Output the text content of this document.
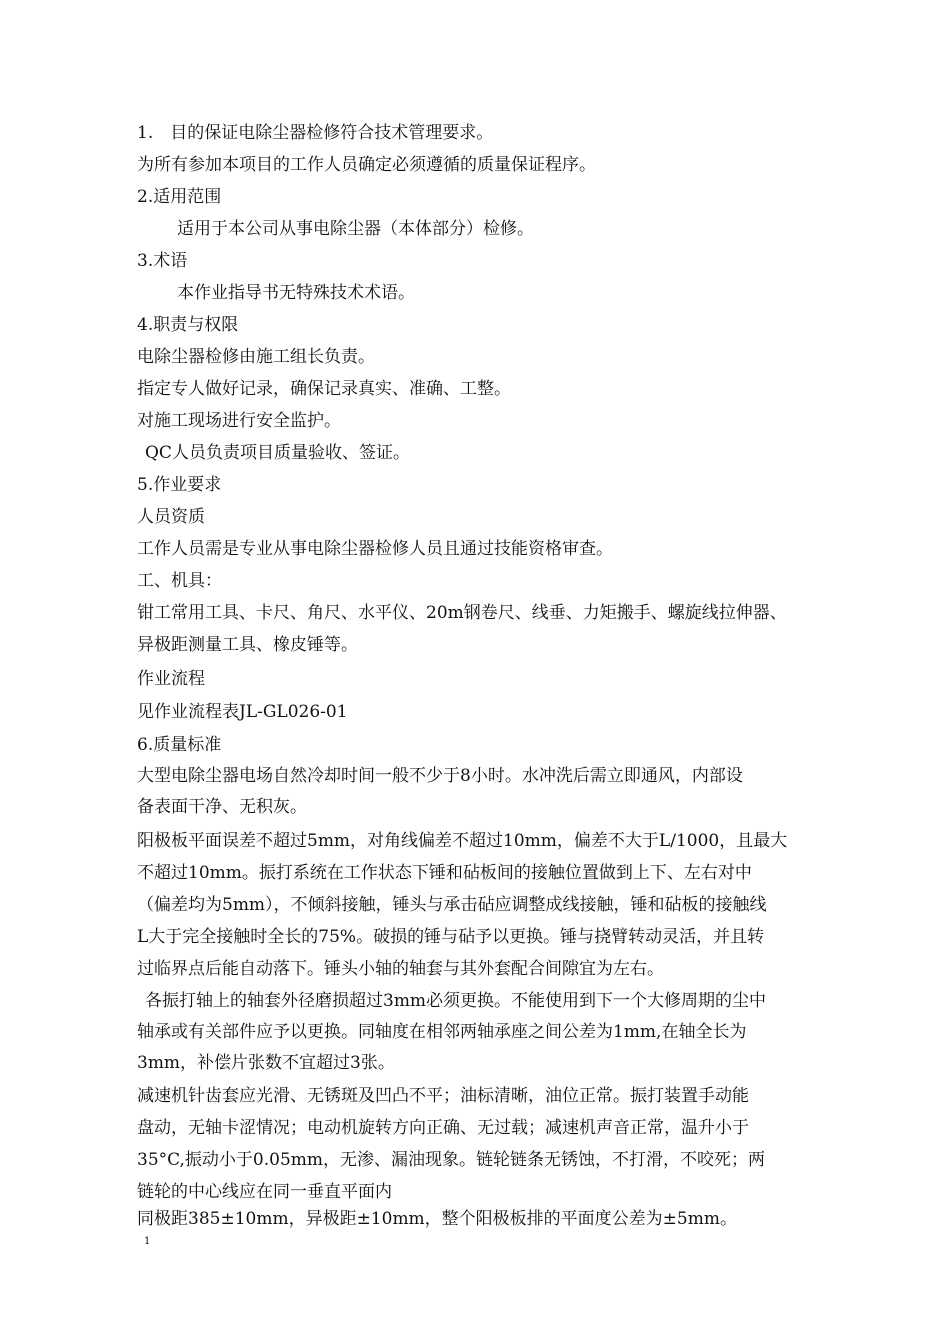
1.　目的保证电除尘器检修符合技术管理要求。
为所有参加本项目的工作人员确定必须遵循的质量保证程序。
2.适用范围
适用于本公司从事电除尘器（本体部分）检修。
3.术语
本作业指导书无特殊技术术语。
4.职责与权限
电除尘器检修由施工组长负责。
指定专人做好记录，确保记录真实、准确、工整。
对施工现场进行安全监护。
QC人员负责项目质量验收、签证。
5.作业要求
人员资质
工作人员需是专业从事电除尘器检修人员且通过技能资格审查。
工、机具：
钳工常用工具、卡尺、角尺、水平仪、20m钢卷尺、线垂、力矩搬手、螺旋线拉伸器、
异极距测量工具、橡皮锤等。
作业流程
见作业流程表JL-GL026-01
6.质量标准
大型电除尘器电场自然冷却时间一般不少于8小时。水冲洗后需立即通风，内部设
备表面干净、无积灰。
阳极板平面误差不超过5mm，对角线偏差不超过10mm，偏差不大于L/1000，且最大
不超过10mm。振打系统在工作状态下锤和砧板间的接触位置做到上下、左右对中
（偏差均为5mm），不倾斜接触，锤头与承击砧应调整成线接触，锤和砧板的接触线
L大于完全接触时全长的75%。破损的锤与砧予以更换。锤与挠臂转动灵活，并且转
过临界点后能自动落下。锤头小轴的轴套与其外套配合间隙宜为左右。
各振打轴上的轴套外径磨损超过3mm必须更换。不能使用到下一个大修周期的尘中
轴承或有关部件应予以更换。同轴度在相邻两轴承座之间公差为1mm,在轴全长为
3mm，补偿片张数不宜超过3张。
减速机针齿套应光滑、无锈斑及凹凸不平；油标清晰，油位正常。振打装置手动能
盘动，无轴卡涩情况；电动机旋转方向正确、无过载；减速机声音正常，温升小于
35°C,振动小于0.05mm，无渗、漏油现象。链轮链条无锈蚀，不打滑，不咬死；两
链轮的中心线应在同一垂直平面内
同极距385±10mm，异极距±10mm，整个阳极板排的平面度公差为±5mm。
1
